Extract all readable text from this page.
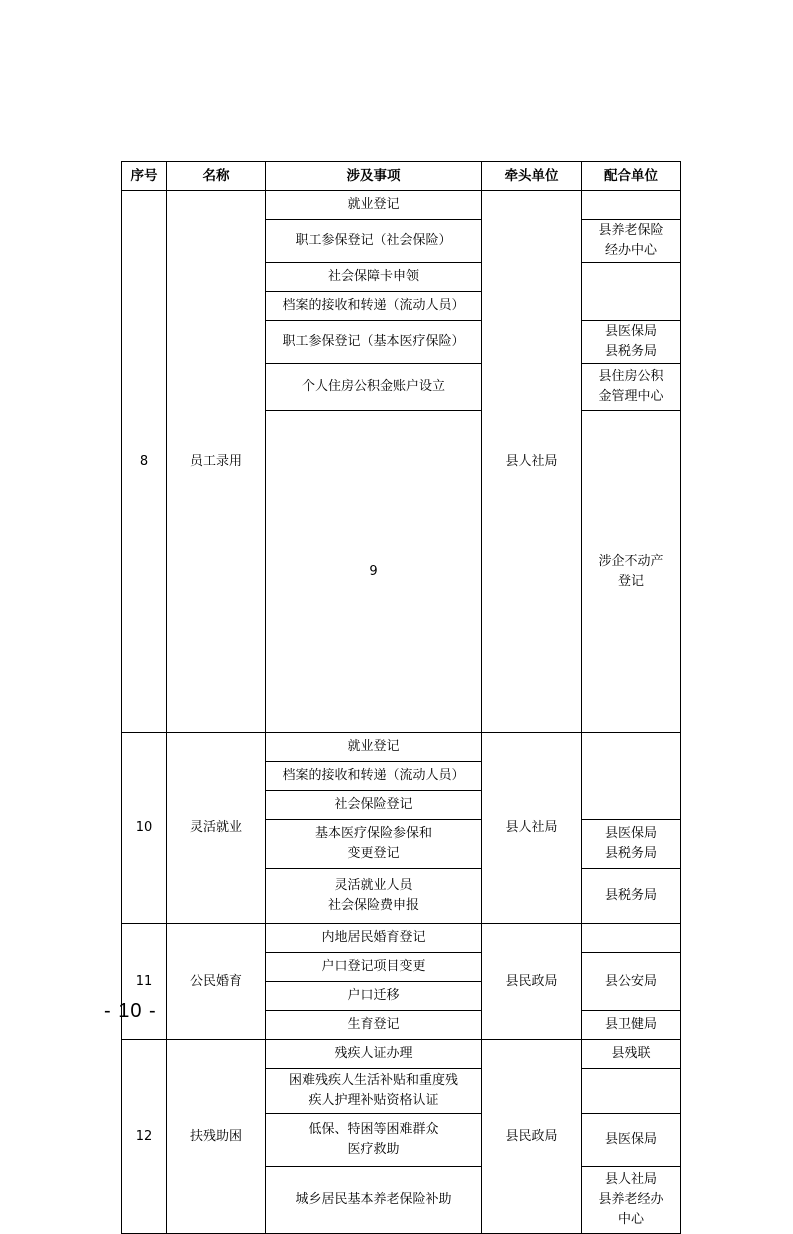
序号	名称	涉及事项	牵头单位	配合单位	
8	员工录用	就业登记	县人社局		
		职工参保登记（社会保险）		县养老保险
经办中心	
		社会保障卡申领			
		档案的接收和转递（流动人员）			
		职工参保登记（基本医疗保险）		县医保局
县税务局	
		个人住房公积金账户设立		县住房公积
金管理中心	
		9		涉企不动产
登记			

10	灵活就业	就业登记	县人社局		
		档案的接收和转递（流动人员）			
		社会保险登记			
		基本医疗保险参保和
变更登记		县医保局
县税务局	
		灵活就业人员
社会保险费申报		县税务局	
11	公民婚育	内地居民婚育登记	县民政局		
		户口登记项目变更		县公安局	
		户口迁移			
		生育登记		县卫健局	
12	扶残助困	残疾人证办理	县民政局	县残联	
		困难残疾人生活补贴和重度残
疾人护理补贴资格认证			
		低保、特困等困难群众
医疗救助		县医保局	
		城乡居民基本养老保险补助		县人社局
县养老经办
中心	
- 10 -
